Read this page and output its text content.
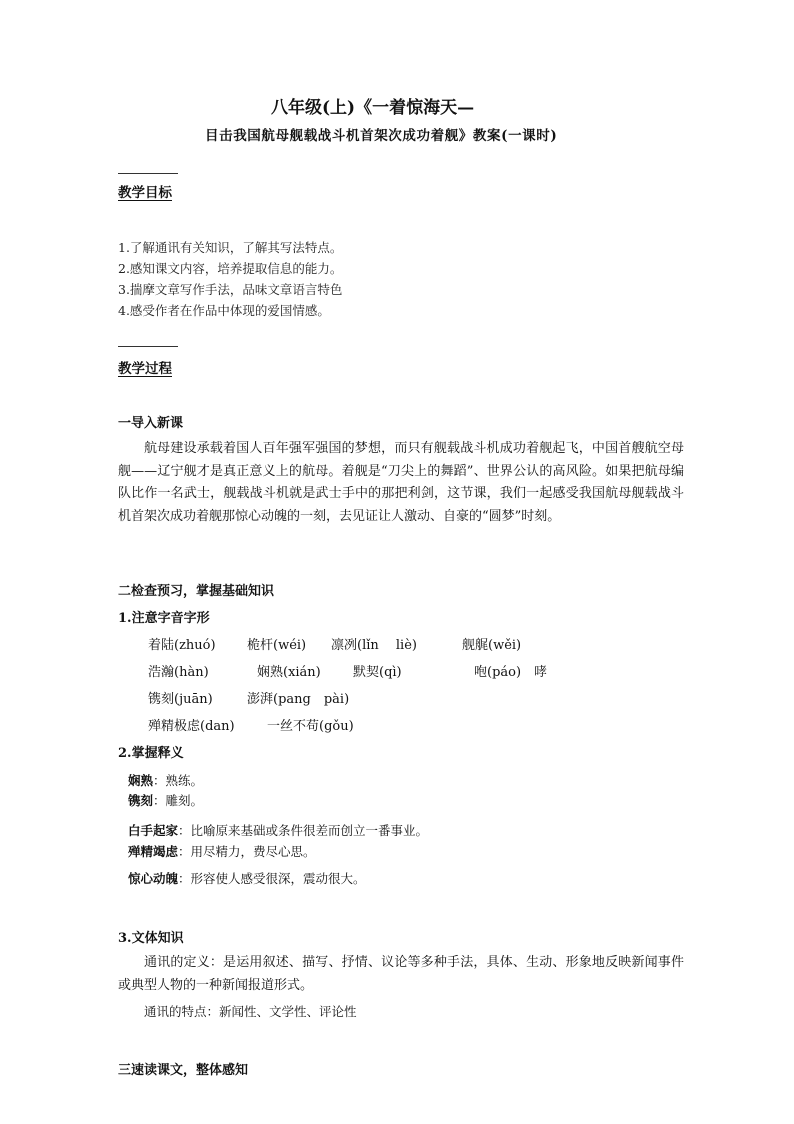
八年级(上)《一着惊海天—
目击我国航母舰载战斗机首架次成功着舰》教案(一课时)
教学目标
1.了解通讯有关知识，了解其写法特点。
2.感知课文内容，培养提取信息的能力。
3.揣摩文章写作手法，品味文章语言特色
4.感受作者在作品中体现的爱国情感。
教学过程
一导入新课
航母建设承载着国人百年强军强国的梦想，而只有舰载战斗机成功着舰起飞，中国首艘航空母舰——辽宁舰才是真正意义上的航母。着舰是“刀尖上的舞蹈”、世界公认的高风险。如果把航母编队比作一名武士，舰载战斗机就是武士手中的那把利剑，这节课，我们一起感受我国航母舰载战斗机首架次成功着舰那惊心动魄的一刻，去见证让人激动、自豪的“圆梦”时刻。
二检查预习，掌握基础知识
1.注意字音字形
着陆(zhuó) 桅杆(wéi) 凛冽(lǐn　 liè)	舰艉(wěi)
浩瀚(hàn)	娴熟(xián) 默契(qì)	咆(páo)　哮
镌刻(juān)	澎湃(pang　pài)
殚精极虑(dan) 一丝不苟(gǒu)
2.掌握释义
娴熟：熟练。
镌刻：雕刻。
白手起家：比喻原来基础或条件很差而创立一番事业。
殚精竭虑：用尽精力，费尽心思。
惊心动魄：形容使人感受很深，震动很大。
3.文体知识
通讯的定义：是运用叙述、描写、抒情、议论等多种手法，具体、生动、形象地反映新闻事件或典型人物的一种新闻报道形式。
通讯的特点：新闻性、文学性、评论性
三速读课文，整体感知
